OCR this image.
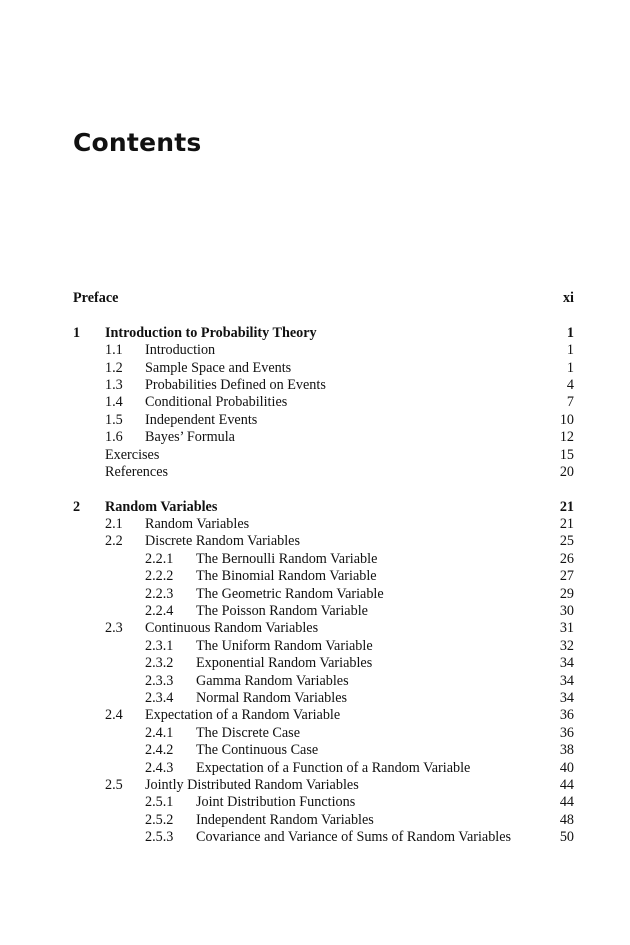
Contents
Preface	xi
1 Introduction to Probability Theory	1
1.1 Introduction	1
1.2 Sample Space and Events	1
1.3 Probabilities Defined on Events	4
1.4 Conditional Probabilities	7
1.5 Independent Events	10
1.6 Bayes’ Formula	12
Exercises	15
References	20
2 Random Variables	21
2.1 Random Variables	21
2.2 Discrete Random Variables	25
2.2.1 The Bernoulli Random Variable	26
2.2.2 The Binomial Random Variable	27
2.2.3 The Geometric Random Variable	29
2.2.4 The Poisson Random Variable	30
2.3 Continuous Random Variables	31
2.3.1 The Uniform Random Variable	32
2.3.2 Exponential Random Variables	34
2.3.3 Gamma Random Variables	34
2.3.4 Normal Random Variables	34
2.4 Expectation of a Random Variable	36
2.4.1 The Discrete Case	36
2.4.2 The Continuous Case	38
2.4.3 Expectation of a Function of a Random Variable	40
2.5 Jointly Distributed Random Variables	44
2.5.1 Joint Distribution Functions	44
2.5.2 Independent Random Variables	48
2.5.3 Covariance and Variance of Sums of Random Variables	50
